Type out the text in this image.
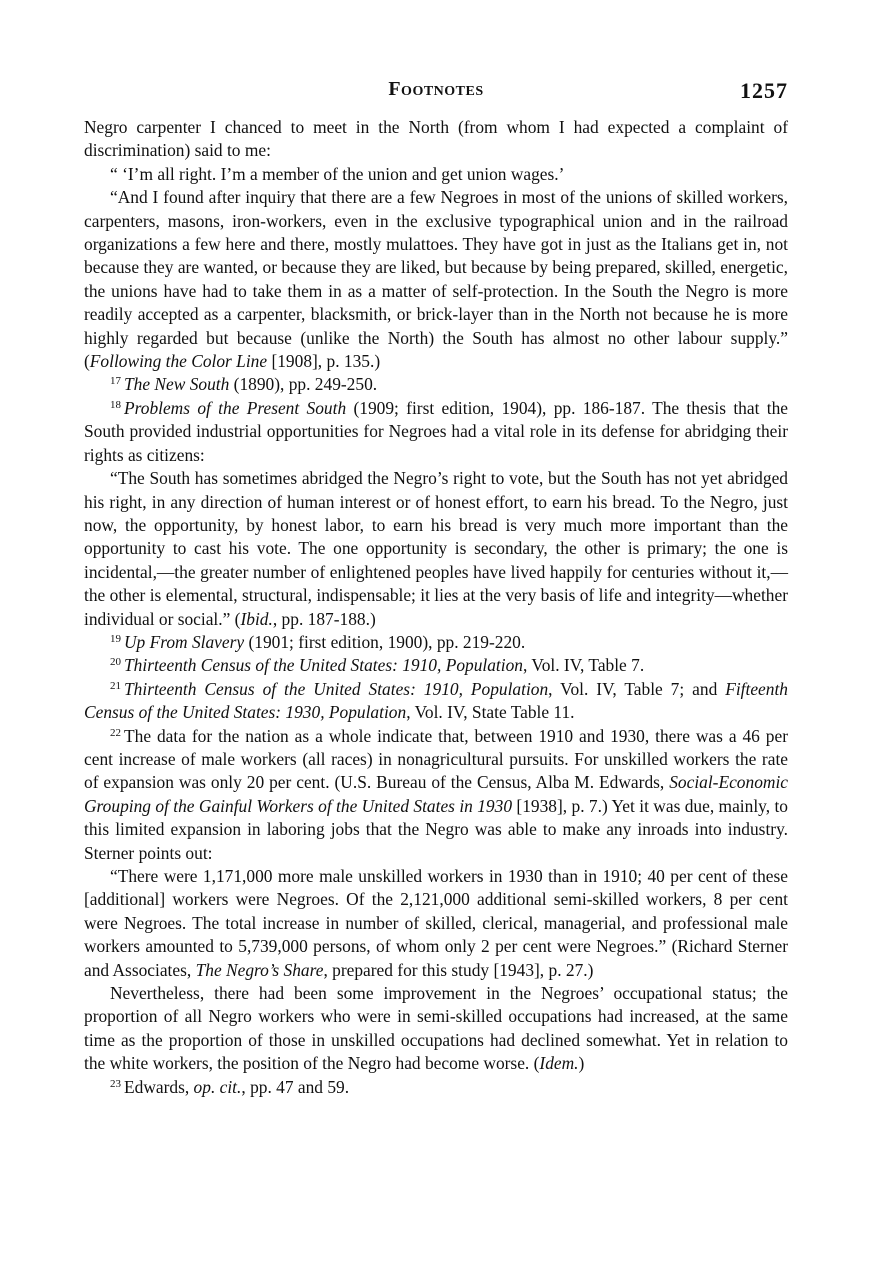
Footnotes	1257

Negro carpenter I chanced to meet in the North (from whom I had expected a complaint of discrimination) said to me:

“ ‘I’m all right. I’m a member of the union and get union wages.’

“And I found after inquiry that there are a few Negroes in most of the unions of skilled workers, carpenters, masons, iron-workers, even in the exclusive typographical union and in the railroad organizations a few here and there, mostly mulattoes. They have got in just as the Italians get in, not because they are wanted, or because they are liked, but because by being prepared, skilled, energetic, the unions have had to take them in as a matter of self-protection. In the South the Negro is more readily accepted as a carpenter, blacksmith, or brick-layer than in the North not because he is more highly regarded but because (unlike the North) the South has almost no other labour supply.” (Following the Color Line [1908], p. 135.)

$^{17}$ The New South (1890), pp. 249-250.

$^{18}$ Problems of the Present South (1909; first edition, 1904), pp. 186-187. The thesis that the South provided industrial opportunities for Negroes had a vital role in its defense for abridging their rights as citizens:

“The South has sometimes abridged the Negro’s right to vote, but the South has not yet abridged his right, in any direction of human interest or of honest effort, to earn his bread. To the Negro, just now, the opportunity, by honest labor, to earn his bread is very much more important than the opportunity to cast his vote. The one opportunity is secondary, the other is primary; the one is incidental,—the greater number of enlightened peoples have lived happily for centuries without it,—the other is elemental, structural, indispensable; it lies at the very basis of life and integrity—whether individual or social.” (Ibid., pp. 187-188.)

$^{19}$ Up From Slavery (1901; first edition, 1900), pp. 219-220.

$^{20}$ Thirteenth Census of the United States: 1910, Population, Vol. IV, Table 7.

$^{21}$ Thirteenth Census of the United States: 1910, Population, Vol. IV, Table 7; and Fifteenth Census of the United States: 1930, Population, Vol. IV, State Table 11.

$^{22}$ The data for the nation as a whole indicate that, between 1910 and 1930, there was a 46 per cent increase of male workers (all races) in nonagricultural pursuits. For unskilled workers the rate of expansion was only 20 per cent. (U.S. Bureau of the Census, Alba M. Edwards, Social-Economic Grouping of the Gainful Workers of the United States in 1930 [1938], p. 7.) Yet it was due, mainly, to this limited expansion in laboring jobs that the Negro was able to make any inroads into industry. Sterner points out:

“There were 1,171,000 more male unskilled workers in 1930 than in 1910; 40 per cent of these [additional] workers were Negroes. Of the 2,121,000 additional semi-skilled workers, 8 per cent were Negroes. The total increase in number of skilled, clerical, managerial, and professional male workers amounted to 5,739,000 persons, of whom only 2 per cent were Negroes.” (Richard Sterner and Associates, The Negro’s Share, prepared for this study [1943], p. 27.)

Nevertheless, there had been some improvement in the Negroes’ occupational status; the proportion of all Negro workers who were in semi-skilled occupations had increased, at the same time as the proportion of those in unskilled occupations had declined somewhat. Yet in relation to the white workers, the position of the Negro had become worse. (Idem.)

$^{23}$ Edwards, op. cit., pp. 47 and 59.
